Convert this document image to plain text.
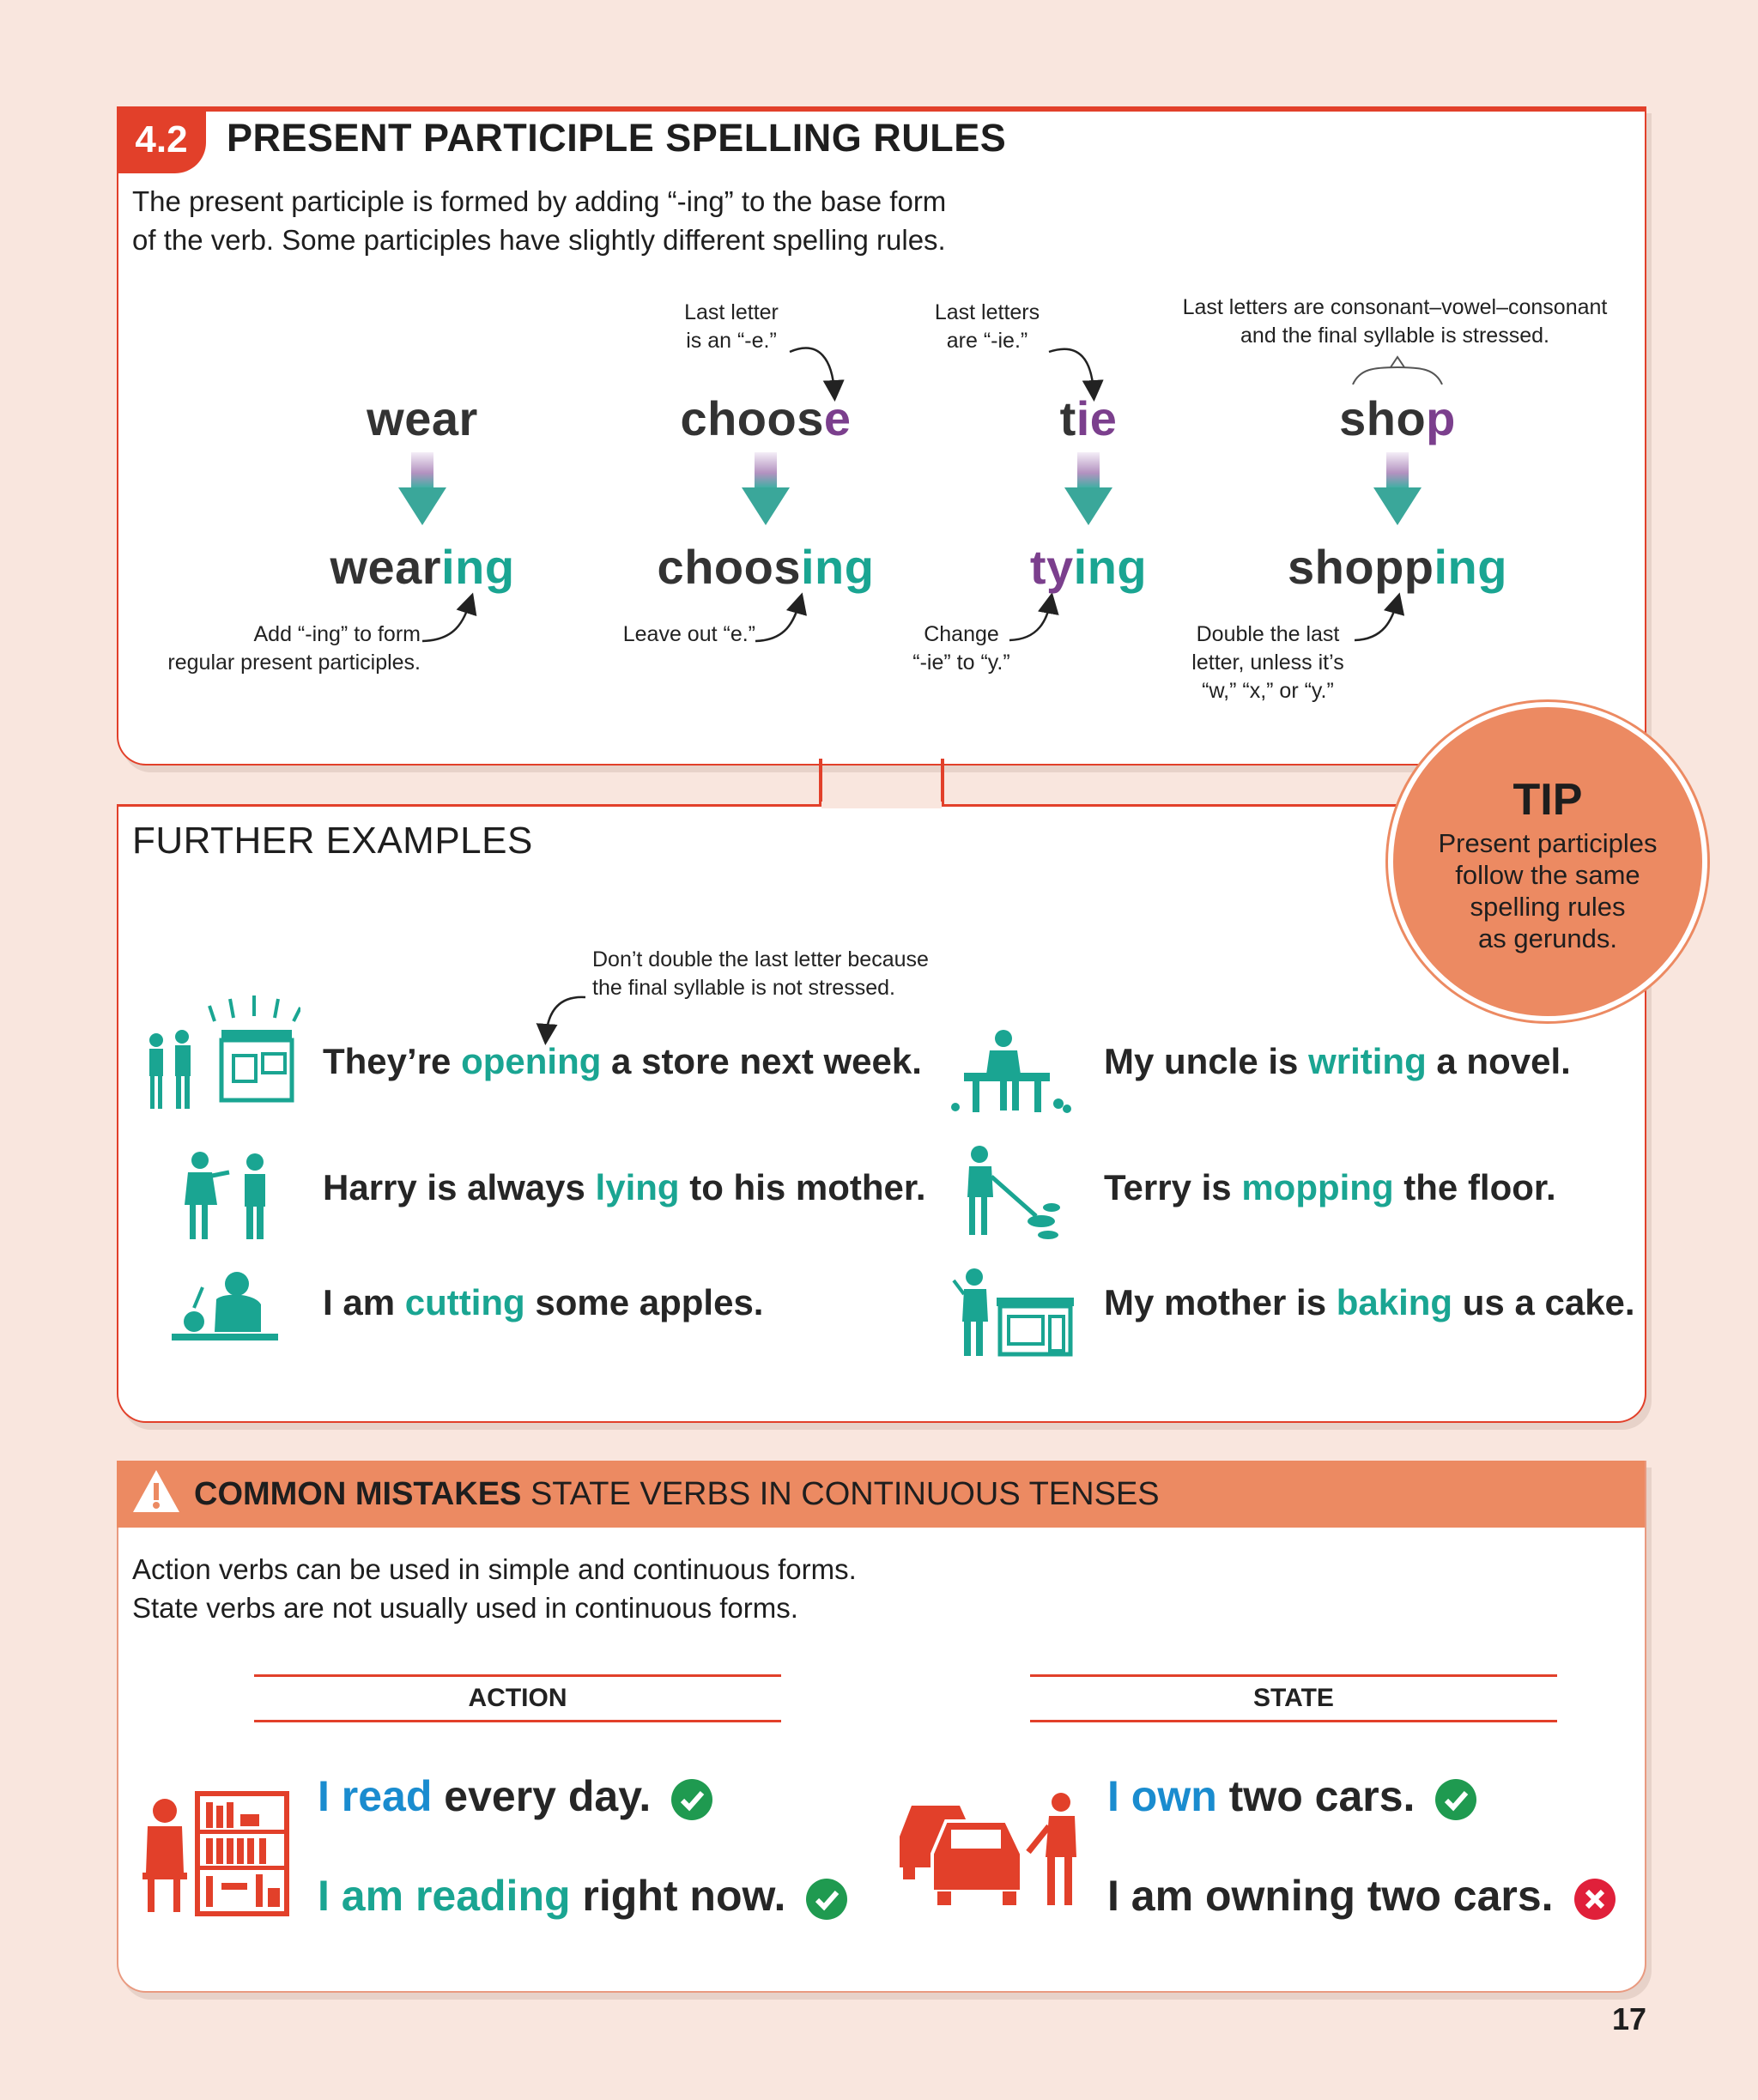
4.2	PRESENT PARTICIPLE SPELLING RULES
The present participle is formed by adding “-ing” to the base form
of the verb. Some participles have slightly different spelling rules.
Last letter
is an “-e.”
Last letters
are “-ie.”
Last letters are consonant–vowel–consonant
and the final syllable is stressed.
wear	choose	tie	shop
wearing	choosing	tying	shopping
Add “-ing” to form
regular present participles.
Leave out “e.”	Change
“-ie” to “y.”
Double the last
letter, unless it’s
“w,” “x,” or “y.”
FURTHER EXAMPLES
Don’t double the last letter because
the final syllable is not stressed.
They’re opening a store next week.
Harry is always lying to his mother.
I am cutting some apples.
My uncle is writing a novel.
Terry is mopping the floor.
My mother is baking us a cake.
TIP
Present participles
follow the same
spelling rules
as gerunds.
COMMON MISTAKES STATE VERBS IN CONTINUOUS TENSES
Action verbs can be used in simple and continuous forms.
State verbs are not usually used in continuous forms.
ACTION	STATE
I read every day.
I am reading right now.
I own two cars.
I am owning two cars.
17
